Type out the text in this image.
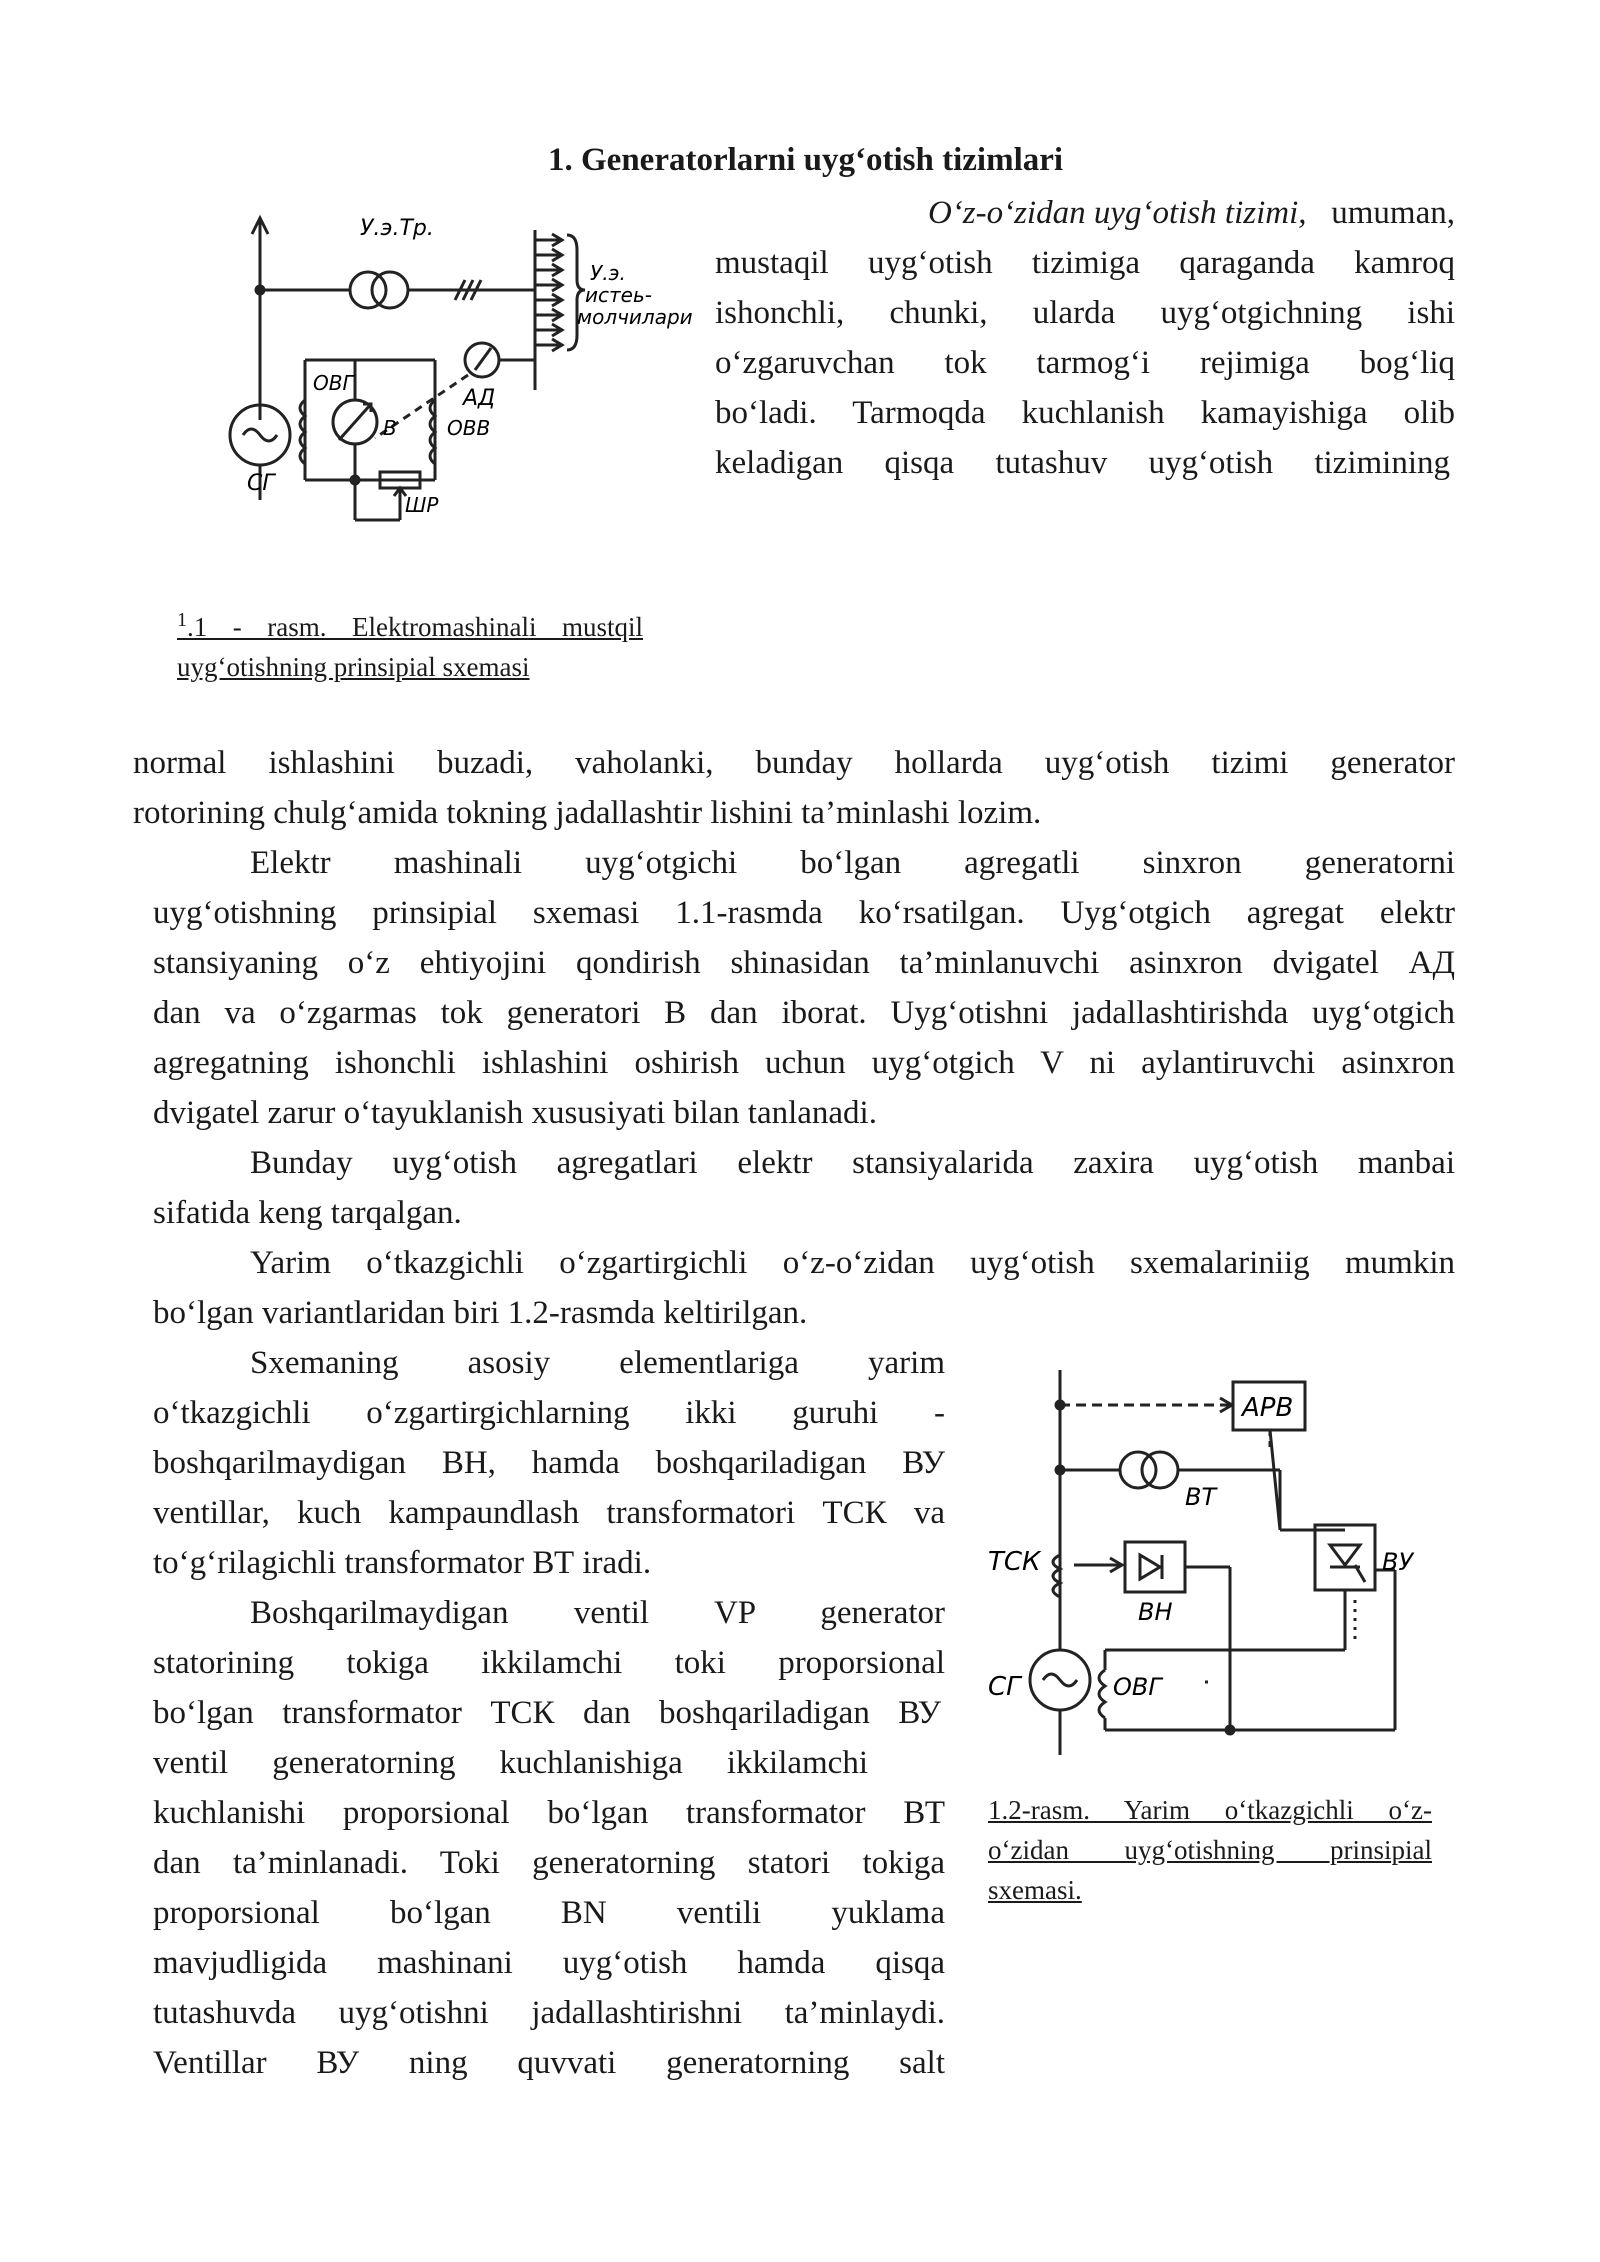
1. Generatorlarni uyg‘otish tizimlari
У.э.Тр.
У.э.
истеь-
молчилари
ОВГ
АД
В	ОВВ
СГ
ШР
$^1$.1 - rasm. Elektromashinali mustqil
uyg‘otishning prinsipial sxemasi
O‘z-o‘zidan uyg‘otish tizimi, umuman,
mustaqil uyg‘otish tizimiga qaraganda kamroq
ishonchli, chunki, ularda uyg‘otgichning ishi
o‘zgaruvchan tok tarmog‘i rejimiga bog‘liq
bo‘ladi. Tarmoqda kuchlanish kamayishiga olib
keladigan qisqa tutashuv uyg‘otish tizimining
normal ishlashini buzadi, vaholanki, bunday hollarda uyg‘otish tizimi generator
rotorining chulg‘amida tokning jadallashtir lishini ta’minlashi lozim.
Elektr mashinali uyg‘otgichi bo‘lgan agregatli sinxron generatorni
uyg‘otishning prinsipial sxemasi 1.1-rasmda ko‘rsatilgan. Uyg‘otgich agregat elektr
stansiyaning o‘z ehtiyojini qondirish shinasidan ta’minlanuvchi asinxron dvigatel АД
dan va o‘zgarmas tok generatori В dan iborat. Uyg‘otishni jadallashtirishda uyg‘otgich
agregatning ishonchli ishlashini oshirish uchun uyg‘otgich V ni aylantiruvchi asinxron
dvigatel zarur o‘tayuklanish xususiyati bilan tanlanadi.
Bunday uyg‘otish agregatlari elektr stansiyalarida zaxira uyg‘otish manbai
sifatida keng tarqalgan.
Yarim o‘tkazgichli o‘zgartirgichli o‘z-o‘zidan uyg‘otish sxemalariniig mumkin
bo‘lgan variantlaridan biri 1.2-rasmda keltirilgan.
Sxemaning asosiy elementlariga yarim
o‘tkazgichli o‘zgartirgichlarning ikki guruhi -
boshqarilmaydigan ВН, hamda boshqariladigan ВУ
ventillar, kuch kampaundlash transformatori ТСК va
to‘g‘rilagichli transformator ВТ iradi.
Boshqarilmaydigan ventil VP generator
statorining tokiga ikkilamchi toki proporsional
bo‘lgan transformator ТСК dan boshqariladigan ВУ
ventil generatorning kuchlanishiga ikkilamchi
kuchlanishi proporsional bo‘lgan transformator ВТ
dan ta’minlanadi. Toki generatorning statori tokiga
proporsional bo‘lgan BN ventili yuklama
mavjudligida mashinani uyg‘otish hamda qisqa
tutashuvda uyg‘otishni jadallashtirishni ta’minlaydi.
Ventillar ВУ ning quvvati generatorning salt
АРВ
ВТ
ТСК	ВУ
ВН
СГ	ОВГ
1.2-rasm. Yarim o‘tkazgichli o‘z-
o‘zidan uyg‘otishning prinsipial
sxemasi.
